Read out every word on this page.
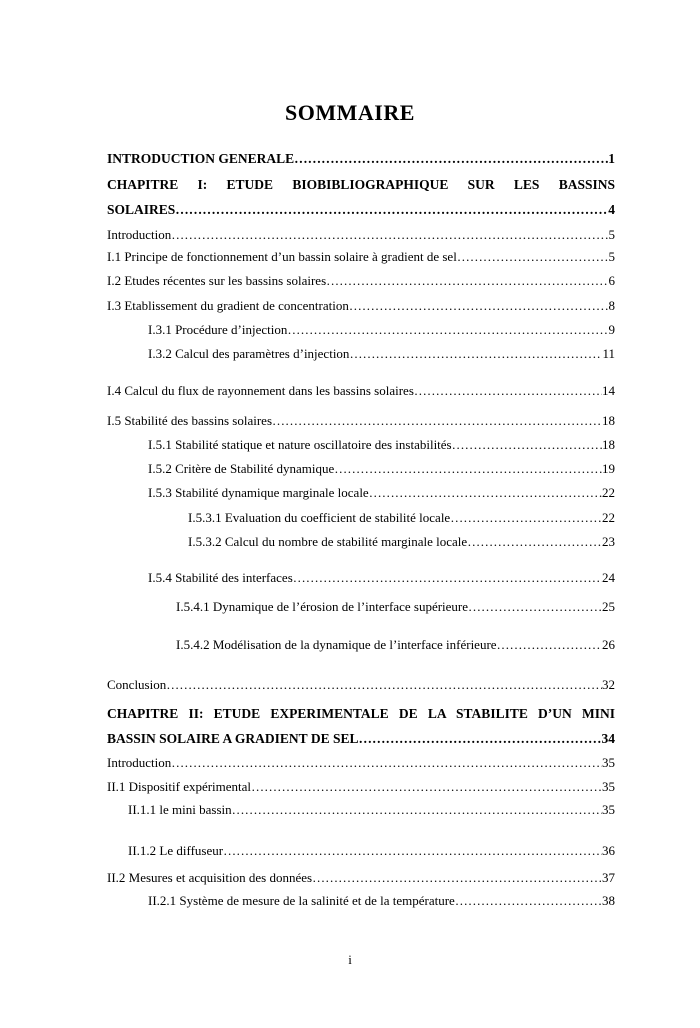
SOMMAIRE
INTRODUCTION GENERALE ……………………………………………………………………………………………………………………………………………………………………………………………………………	1
CHAPITRE I: ETUDE BIOBIBLIOGRAPHIQUE SUR LES BASSINS
SOLAIRES ……………………………………………………………………………………………………………………………………………………………………………………………………………	4
Introduction ……………………………………………………………………………………………………………………………………………………………………………………………………………	5
I.1 Principe de fonctionnement d’un bassin solaire à gradient de sel ……………………………………………………………………………………………………………………………………………………………………………………………………………	5
I.2 Etudes récentes sur les bassins solaires ……………………………………………………………………………………………………………………………………………………………………………………………………………	6
I.3 Etablissement du gradient de concentration ……………………………………………………………………………………………………………………………………………………………………………………………………………	8
I.3.1 Procédure d’injection ……………………………………………………………………………………………………………………………………………………………………………………………………………	9
I.3.2 Calcul des paramètres d’injection ……………………………………………………………………………………………………………………………………………………………………………………………………………	11
I.4 Calcul du flux de rayonnement dans les bassins solaires ……………………………………………………………………………………………………………………………………………………………………………………………………………	14
I.5 Stabilité des bassins solaires ……………………………………………………………………………………………………………………………………………………………………………………………………………	18
I.5.1 Stabilité statique et nature oscillatoire des instabilités ……………………………………………………………………………………………………………………………………………………………………………………………………………	18
I.5.2 Critère de Stabilité dynamique ……………………………………………………………………………………………………………………………………………………………………………………………………………	19
I.5.3 Stabilité dynamique marginale locale ……………………………………………………………………………………………………………………………………………………………………………………………………………	22
I.5.3.1 Evaluation du coefficient de stabilité locale ……………………………………………………………………………………………………………………………………………………………………………………………………………	22
I.5.3.2 Calcul du nombre de stabilité marginale locale ……………………………………………………………………………………………………………………………………………………………………………………………………………	23
I.5.4 Stabilité des interfaces ……………………………………………………………………………………………………………………………………………………………………………………………………………	24
I.5.4.1 Dynamique de l’érosion de l’interface supérieure ……………………………………………………………………………………………………………………………………………………………………………………………………………	25
I.5.4.2 Modélisation de la dynamique de l’interface inférieure ……………………………………………………………………………………………………………………………………………………………………………………………………………	26
Conclusion ……………………………………………………………………………………………………………………………………………………………………………………………………………	32
CHAPITRE II: ETUDE EXPERIMENTALE DE LA STABILITE D’UN MINI
BASSIN SOLAIRE A GRADIENT DE SEL ……………………………………………………………………………………………………………………………………………………………………………………………………………	34
Introduction ……………………………………………………………………………………………………………………………………………………………………………………………………………	35
II.1 Dispositif expérimental ……………………………………………………………………………………………………………………………………………………………………………………………………………	35
II.1.1 le mini bassin ……………………………………………………………………………………………………………………………………………………………………………………………………………	35
II.1.2 Le diffuseur ……………………………………………………………………………………………………………………………………………………………………………………………………………	36
II.2 Mesures et acquisition des données ……………………………………………………………………………………………………………………………………………………………………………………………………………	37
II.2.1 Système de mesure de la salinité et de la température ……………………………………………………………………………………………………………………………………………………………………………………………………………	38
i
